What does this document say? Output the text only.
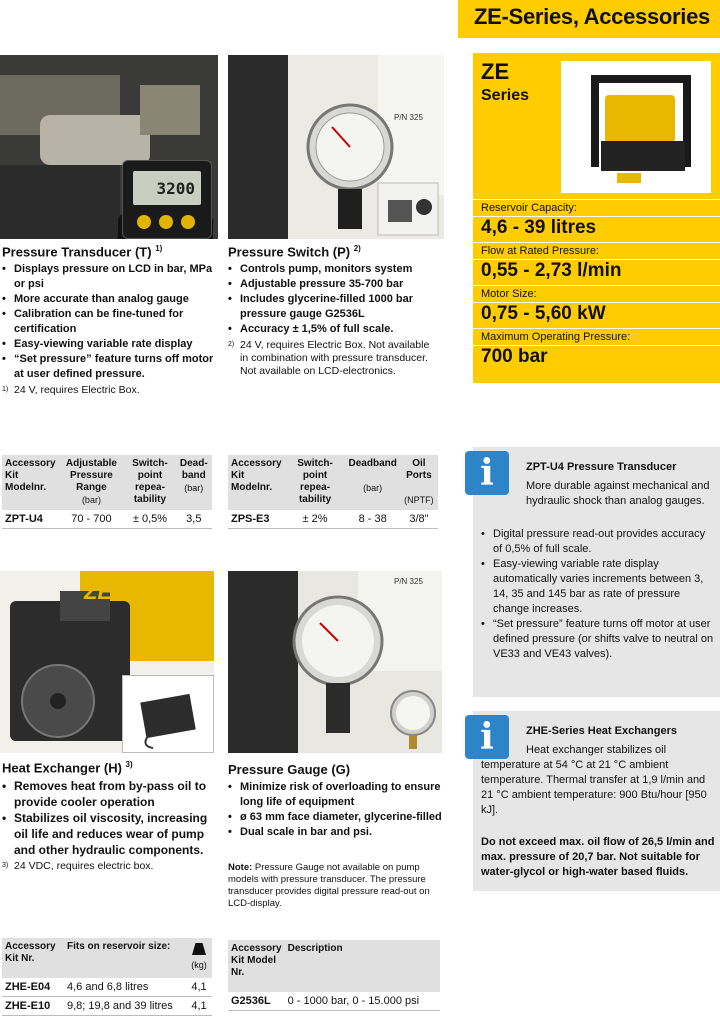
ZE-Series, Accessories
3200
P/N 325
ZE
Series
Reservoir Capacity:
4,6 - 39 litres
Flow at Rated Pressure:
0,55 - 2,73 l/min
Motor Size:
0,75 - 5,60 kW
Maximum Operating Pressure:
700 bar
Pressure Transducer (T) $^{1)}$
• Displays pressure on LCD in bar, MPa or psi
• More accurate than analog gauge
• Calibration can be fine-tuned for certification
• Easy-viewing variable rate display
• “Set pressure” feature turns off motor at user defined pressure.
1) 24 V, requires Electric Box.
Pressure Switch (P) $^{2)}$
• Controls pump, monitors system
• Adjustable pressure 35-700 bar
• Includes glycerine-filled 1000 bar pressure gauge G2536L
• Accuracy ± 1,5% of full scale.
2) 24 V, requires Electric Box. Not available in combination with pressure transducer. Not available on LCD-electronics.
Accessory Kit Modelnr.	Adjustable Pressure Range
(bar)	Switch-point repea-tability	Dead-band
(bar)
ZPT-U4	70 - 700	± 0,5%	3,5
Accessory Kit Modelnr.	Switch-point repea-tability	Deadband

(bar)	Oil Ports

(NPTF)
ZPS-E3	± 2%	8 - 38	3/8"
i	ZPT-U4 Pressure Transducer
More durable against mechanical and hydraulic shock than analog gauges.
• Digital pressure read-out provides accuracy of 0,5% of full scale.
• Easy-viewing variable rate display automatically varies increments between 3, 14, 35 and 145 bar as rate of pressure change increases.
• “Set pressure” feature turns off motor at user defined pressure (or shifts valve to neutral on VE33 and VE43 valves).
ZE	P/N 325
Heat Exchanger (H) $^{3)}$
• Removes heat from by-pass oil to provide cooler operation
• Stabilizes oil viscosity, increasing oil life and reduces wear of pump and other hydraulic components.
3) 24 VDC, requires electric box.
Pressure Gauge (G)
• Minimize risk of overloading to ensure long life of equipment
• ø 63 mm face diameter, glycerine-filled
• Dual scale in bar and psi.
Note: Pressure Gauge not available on pump models with pressure transducer. The pressure transducer provides digital pressure read-out on LCD-display.
i	ZHE-Series Heat Exchangers
Heat exchanger stabilizes oil temperature at 54 °C at 21 °C ambient temperature. Thermal transfer at 1,9 l/min and 21 °C ambient temperature: 900 Btu/hour [950 kJ].
Do not exceed max. oil flow of 26,5 l/min and max. pressure of 20,7 bar. Not suitable for water-glycol or high-water based fluids.
Accessory Kit Nr.	Fits on reservoir size:	(kg)
ZHE-E04	4,6 and 6,8 litres	4,1
ZHE-E10	9,8; 19,8 and 39 litres	4,1
Accessory Kit Model Nr.	Description
G2536L	0 - 1000 bar, 0 - 15.000 psi
